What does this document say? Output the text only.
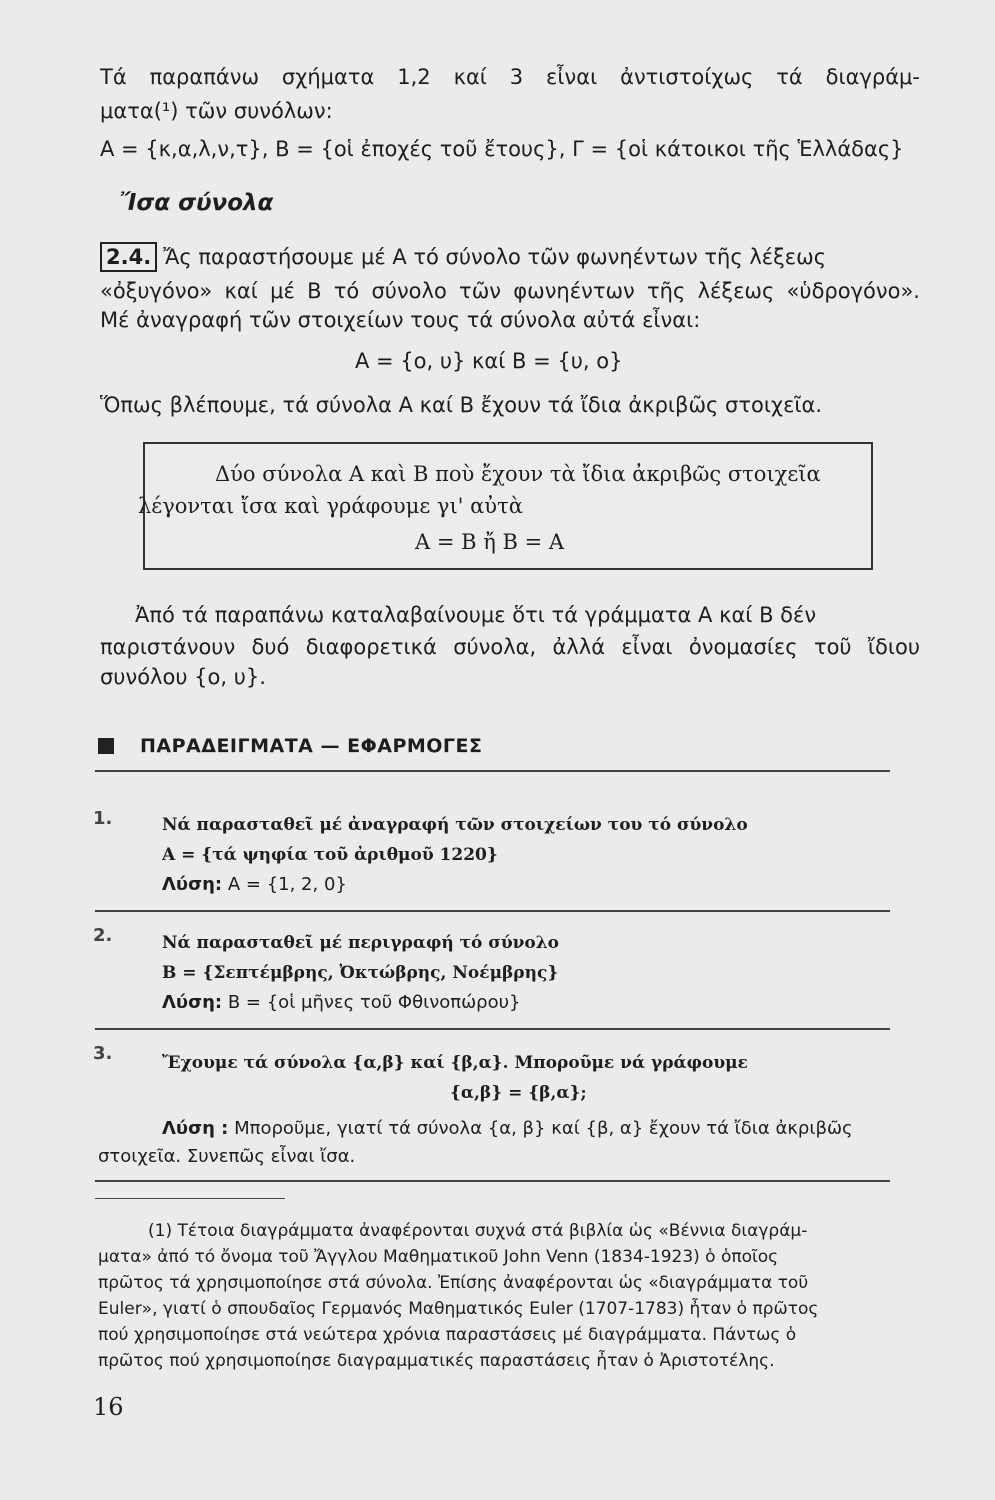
Τά παραπάνω σχήματα 1,2 καί 3 εἶναι ἀντιστοίχως τά διαγράμ-
ματα(¹) τῶν συνόλων:
Α = {κ,α,λ,ν,τ}, Β = {οἱ ἐποχές τοῦ ἔτους}, Γ = {οἱ κάτοικοι τῆς Ἑλλάδας}
Ἴσα σύνολα
2.4. Ἄς παραστήσουμε μέ Α τό σύνολο τῶν φωνηέντων τῆς λέξεως
«ὀξυγόνο» καί μέ Β τό σύνολο τῶν φωνηέντων τῆς λέξεως «ὑδρογόνο».
Μέ ἀναγραφή τῶν στοιχείων τους τά σύνολα αὐτά εἶναι:
Α = {ο, υ} καί Β = {υ, ο}
Ὅπως βλέπουμε, τά σύνολα Α καί Β ἔχουν τά ἴδια ἀκριβῶς στοιχεῖα.
Δύο σύνολα Α καὶ Β ποὺ ἔχουν τὰ ἴδια ἀκριβῶς στοιχεῖα
λέγονται ἴσα καὶ γράφουμε γι' αὐτὰ
Α = Β ἤ Β = Α
Ἀπό τά παραπάνω καταλαβαίνουμε ὅτι τά γράμματα Α καί Β δέν
παριστάνουν δυό διαφορετικά σύνολα, ἀλλά εἶναι ὀνομασίες τοῦ ἴδιου
συνόλου {ο, υ}.
ΠΑΡΑΔΕΙΓΜΑΤΑ — ΕΦΑΡΜΟΓΕΣ
1.	Νά παρασταθεῖ μέ ἀναγραφή τῶν στοιχείων του τό σύνολο
Α = {τά ψηφία τοῦ ἀριθμοῦ 1220}
Λύση: Α = {1, 2, 0}
2.	Νά παρασταθεῖ μέ περιγραφή τό σύνολο
Β = {Σεπτέμβρης, Ὀκτώβρης, Νοέμβρης}
Λύση: Β = {οἱ μῆνες τοῦ Φθινοπώρου}
3.	Ἔχουμε τά σύνολα {α,β} καί {β,α}. Μποροῦμε νά γράφουμε
{α,β} = {β,α};
Λύση : Μποροῦμε, γιατί τά σύνολα {α, β} καί {β, α} ἔχουν τά ἴδια ἀκριβῶς
στοιχεῖα. Συνεπῶς εἶναι ἴσα.
(1) Τέτοια διαγράμματα ἀναφέρονται συχνά στά βιβλία ὡς «Βέννια διαγράμ-
ματα» ἀπό τό ὄνομα τοῦ Ἄγγλου Μαθηματικοῦ John Venn (1834-1923) ὁ ὁποῖος
πρῶτος τά χρησιμοποίησε στά σύνολα. Ἐπίσης ἀναφέρονται ὡς «διαγράμματα τοῦ
Euler», γιατί ὁ σπουδαῖος Γερμανός Μαθηματικός Euler (1707-1783) ἦταν ὁ πρῶτος
πού χρησιμοποίησε στά νεώτερα χρόνια παραστάσεις μέ διαγράμματα. Πάντως ὁ
πρῶτος πού χρησιμοποίησε διαγραμματικές παραστάσεις ἦταν ὁ Ἀριστοτέλης.
16
